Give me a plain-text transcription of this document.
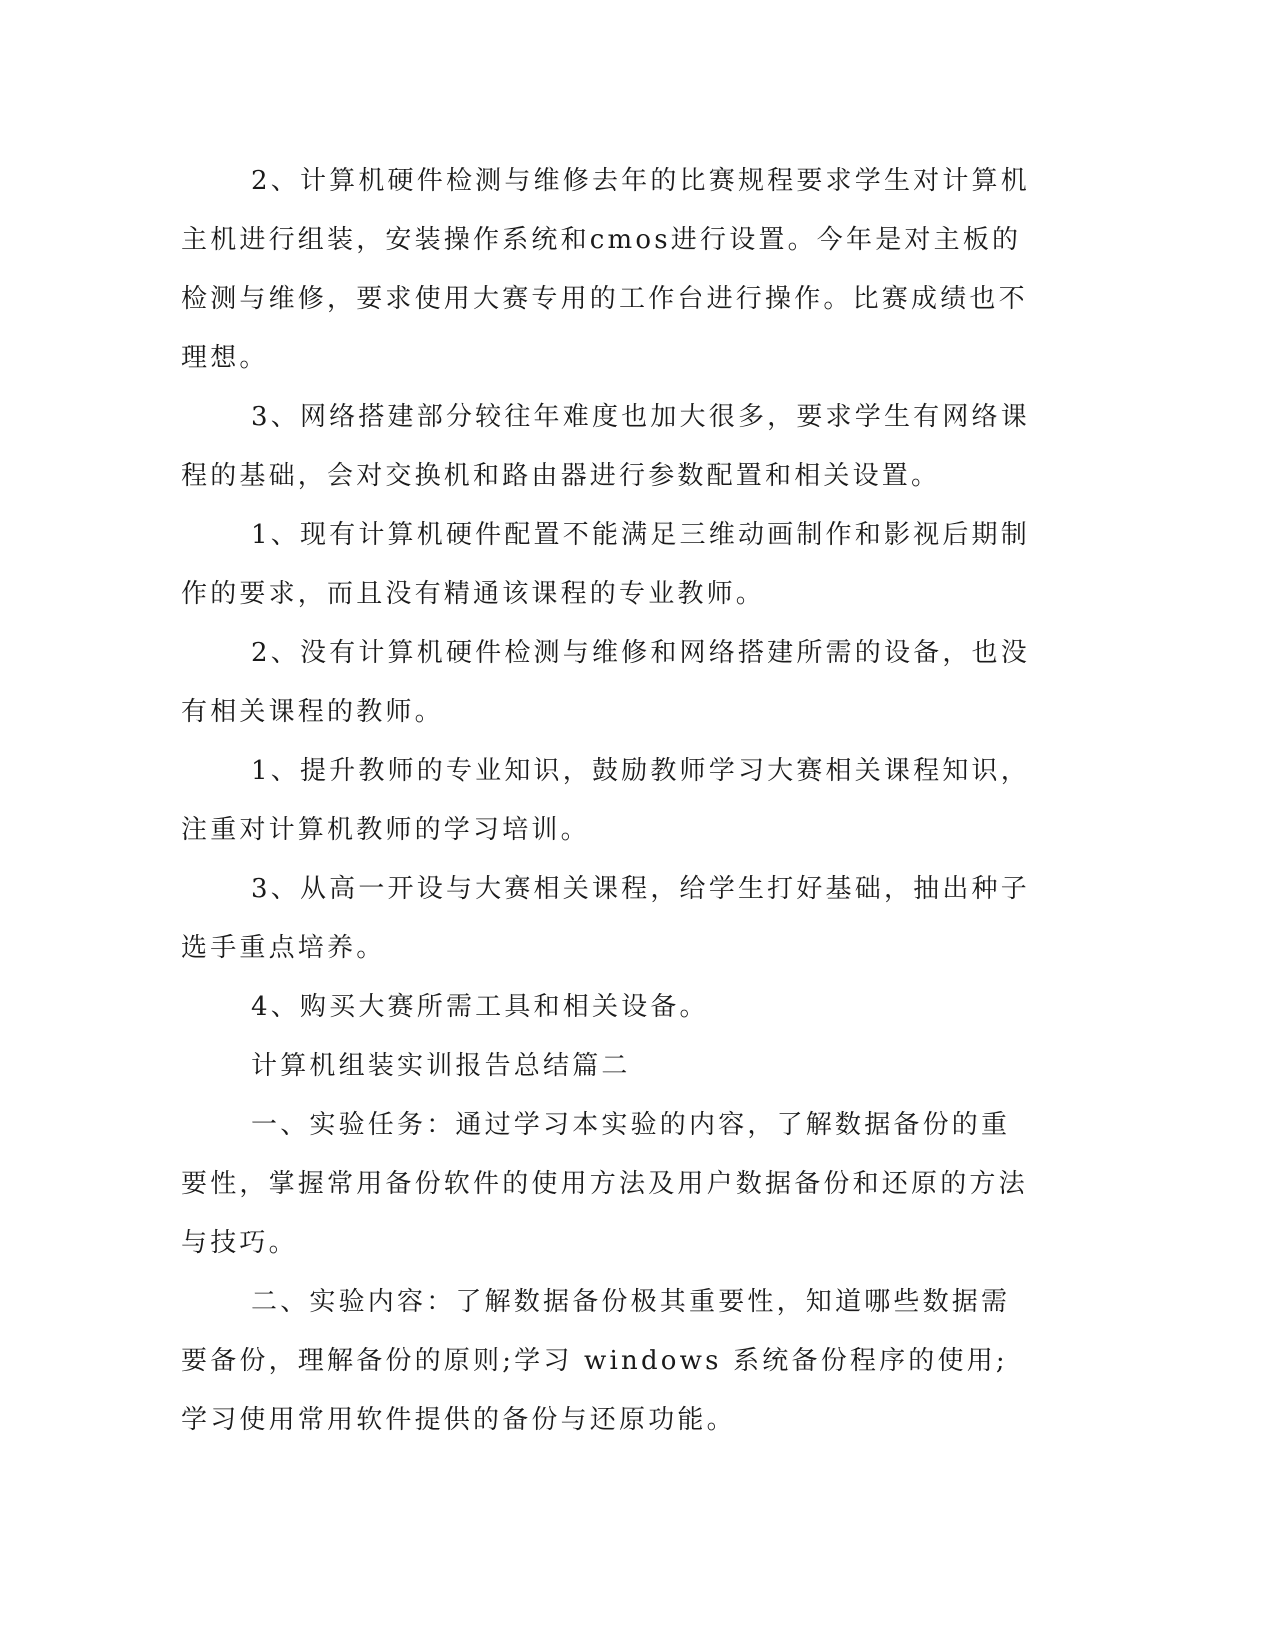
2、计算机硬件检测与维修去年的比赛规程要求学生对计算机主机进行组装，安装操作系统和cmos进行设置。今年是对主板的检测与维修，要求使用大赛专用的工作台进行操作。比赛成绩也不理想。

3、网络搭建部分较往年难度也加大很多，要求学生有网络课程的基础，会对交换机和路由器进行参数配置和相关设置。

1、现有计算机硬件配置不能满足三维动画制作和影视后期制作的要求，而且没有精通该课程的专业教师。

2、没有计算机硬件检测与维修和网络搭建所需的设备，也没有相关课程的教师。

1、提升教师的专业知识，鼓励教师学习大赛相关课程知识，注重对计算机教师的学习培训。

3、从高一开设与大赛相关课程，给学生打好基础，抽出种子选手重点培养。

4、购买大赛所需工具和相关设备。

计算机组装实训报告总结篇二

一、实验任务：通过学习本实验的内容，了解数据备份的重要性，掌握常用备份软件的使用方法及用户数据备份和还原的方法与技巧。

二、实验内容：了解数据备份极其重要性，知道哪些数据需要备份，理解备份的原则;学习 windows 系统备份程序的使用;学习使用常用软件提供的备份与还原功能。
